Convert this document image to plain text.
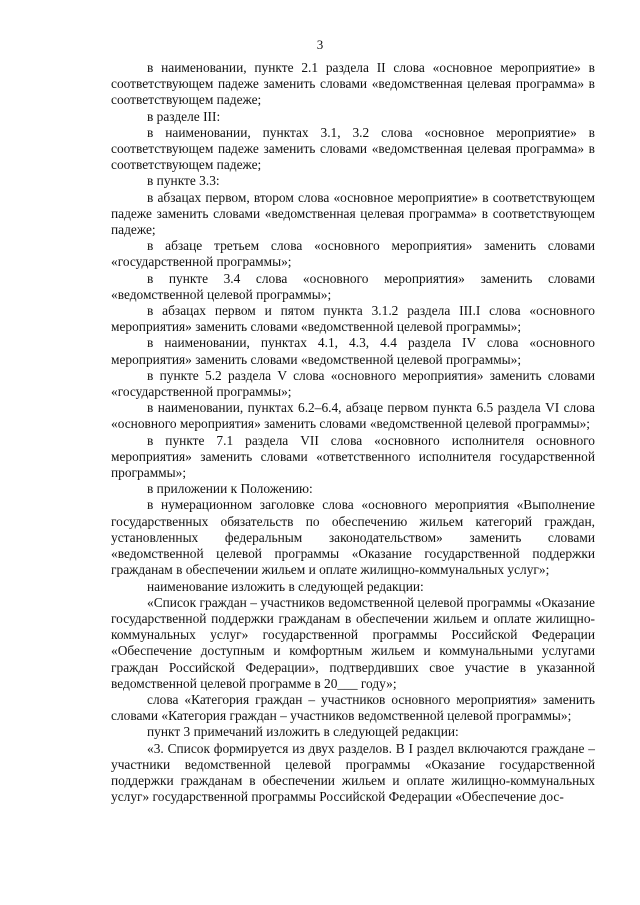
3

в наименовании, пункте 2.1 раздела II слова «основное мероприятие» в соответствующем падеже заменить словами «ведомственная целевая программа» в соответствующем падеже;

в разделе III:

в наименовании, пунктах 3.1, 3.2 слова «основное мероприятие» в соответствующем падеже заменить словами «ведомственная целевая программа» в соответствующем падеже;

в пункте 3.3:

в абзацах первом, втором слова «основное мероприятие» в соответствующем падеже заменить словами «ведомственная целевая программа» в соответствующем падеже;

в абзаце третьем слова «основного мероприятия» заменить словами «государственной программы»;

в пункте 3.4 слова «основного мероприятия» заменить словами «ведомственной целевой программы»;

в абзацах первом и пятом пункта 3.1.2 раздела III.I слова «основного мероприятия» заменить словами «ведомственной целевой программы»;

в наименовании, пунктах 4.1, 4.3, 4.4 раздела IV слова «основного мероприятия» заменить словами «ведомственной целевой программы»;

в пункте 5.2 раздела V слова «основного мероприятия» заменить словами «государственной программы»;

в наименовании, пунктах 6.2–6.4, абзаце первом пункта 6.5 раздела VI слова «основного мероприятия» заменить словами «ведомственной целевой программы»;

в пункте 7.1 раздела VII слова «основного исполнителя основного мероприятия» заменить словами «ответственного исполнителя государственной программы»;

в приложении к Положению:

в нумерационном заголовке слова «основного мероприятия «Выполнение государственных обязательств по обеспечению жильем категорий граждан, установленных федеральным законодательством» заменить словами «ведомственной целевой программы «Оказание государственной поддержки гражданам в обеспечении жильем и оплате жилищно-коммунальных услуг»;

наименование изложить в следующей редакции:

«Список граждан – участников ведомственной целевой программы «Оказание государственной поддержки гражданам в обеспечении жильем и оплате жилищно-коммунальных услуг» государственной программы Российской Федерации «Обеспечение доступным и комфортным жильем и коммунальными услугами граждан Российской Федерации», подтвердивших свое участие в указанной ведомственной целевой программе в 20___ году»;

слова «Категория граждан – участников основного мероприятия» заменить словами «Категория граждан – участников ведомственной целевой программы»;

пункт 3 примечаний изложить в следующей редакции:

«3. Список формируется из двух разделов. В I раздел включаются граждане – участники ведомственной целевой программы «Оказание государственной поддержки гражданам в обеспечении жильем и оплате жилищно-коммунальных услуг» государственной программы Российской Федерации «Обеспечение дос-
